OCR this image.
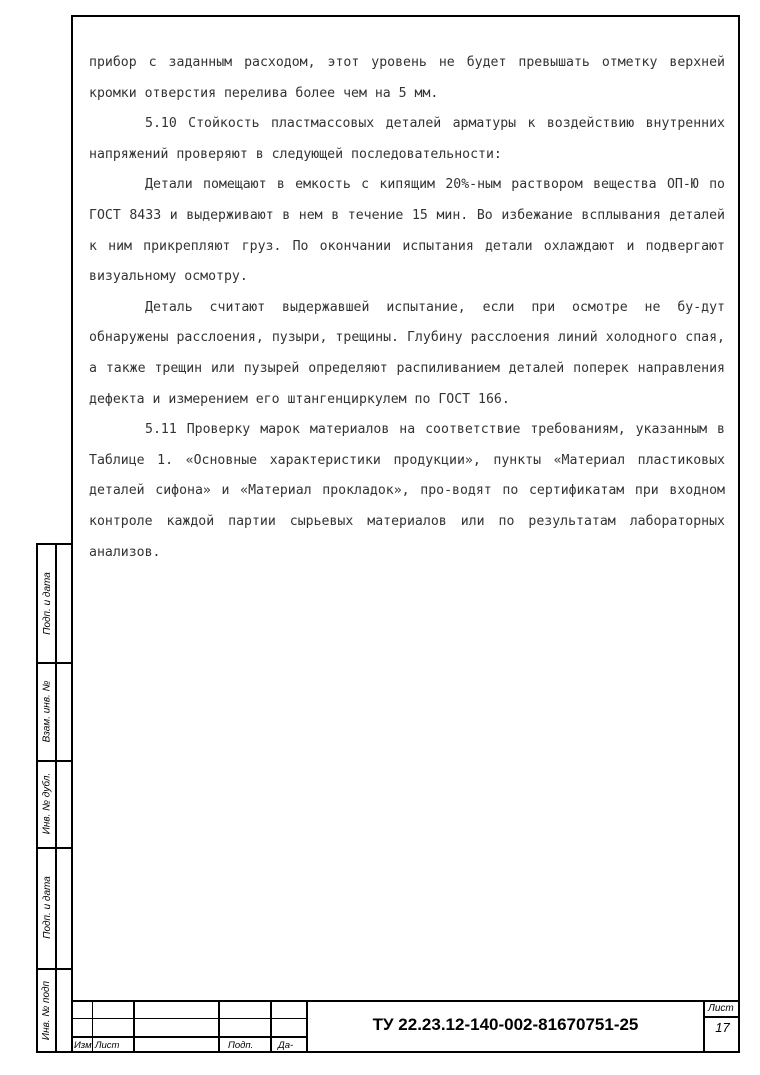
прибор с заданным расходом, этот уровень не будет превышать отметку верхней кромки отверстия перелива более чем на 5 мм.

5.10 Стойкость пластмассовых деталей арматуры к воздействию внутренних напряжений проверяют в следующей последовательности:

Детали помещают в емкость с кипящим 20%-ным раствором вещества ОП-Ю по ГОСТ 8433 и выдерживают в нем в течение 15 мин. Во избежание всплывания деталей к ним прикрепляют груз. По окончании испытания детали охлаждают и подвергают визуальному осмотру.

Деталь считают выдержавшей испытание, если при осмотре не бу-дут обнаружены расслоения, пузыри, трещины. Глубину расслоения линий холодного спая, а также трещин или пузырей определяют распиливанием деталей поперек направления дефекта и измерением его штангенциркулем по ГОСТ 166.

5.11 Проверку марок материалов на соответствие требованиям, указанным в Таблице 1. «Основные характеристики продукции», пункты «Материал пластиковых деталей сифона» и «Материал прокладок», про-водят по сертификатам при входном контроле каждой партии сырьевых материалов или по результатам лабораторных анализов.

Подп. и дата
Взам. инв. №
Инв. № дубл.
Подп. и дата
Инв. № подп
Изм Лист	Подп.	Да-
ТУ 22.23.12-140-002-81670751-25
Лист
17
